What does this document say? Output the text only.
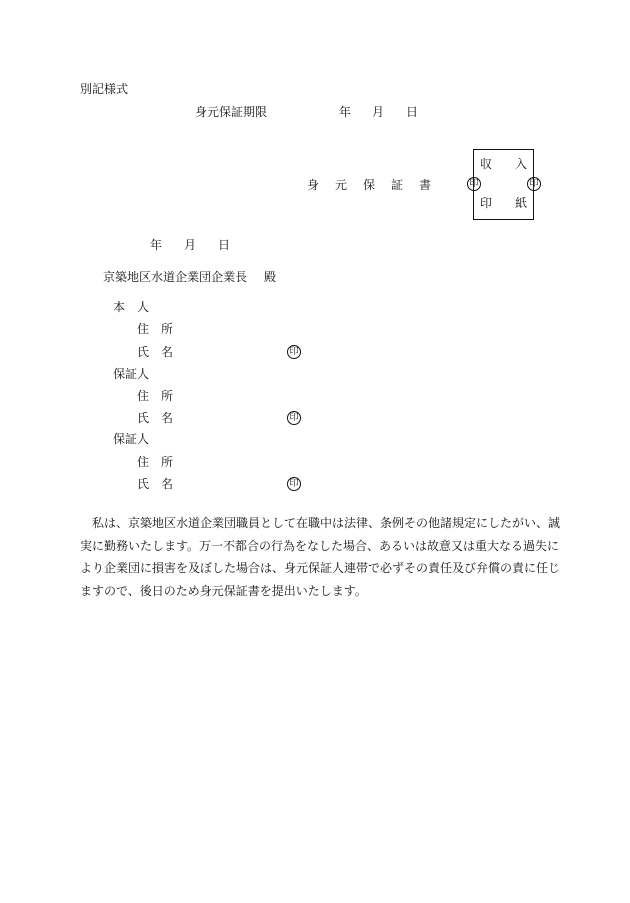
別記様式
身元保証期限	年 月 日
身　元　保　証　書
収 入
印 紙
印	印
年 月 日
京築地区水道企業団企業長 殿
本　人
住　所
氏　名	印
保証人
住　所
氏　名	印
保証人
住　所
氏　名	印
私は、京築地区水道企業団職員として在職中は法律、条例その他諸規定にしたがい、誠
実に勤務いたします。万一不都合の行為をなした場合、あるいは故意又は重大なる過失に
より企業団に損害を及ぼした場合は、身元保証人連帯で必ずその責任及び弁償の責に任じ
ますので、後日のため身元保証書を提出いたします。
